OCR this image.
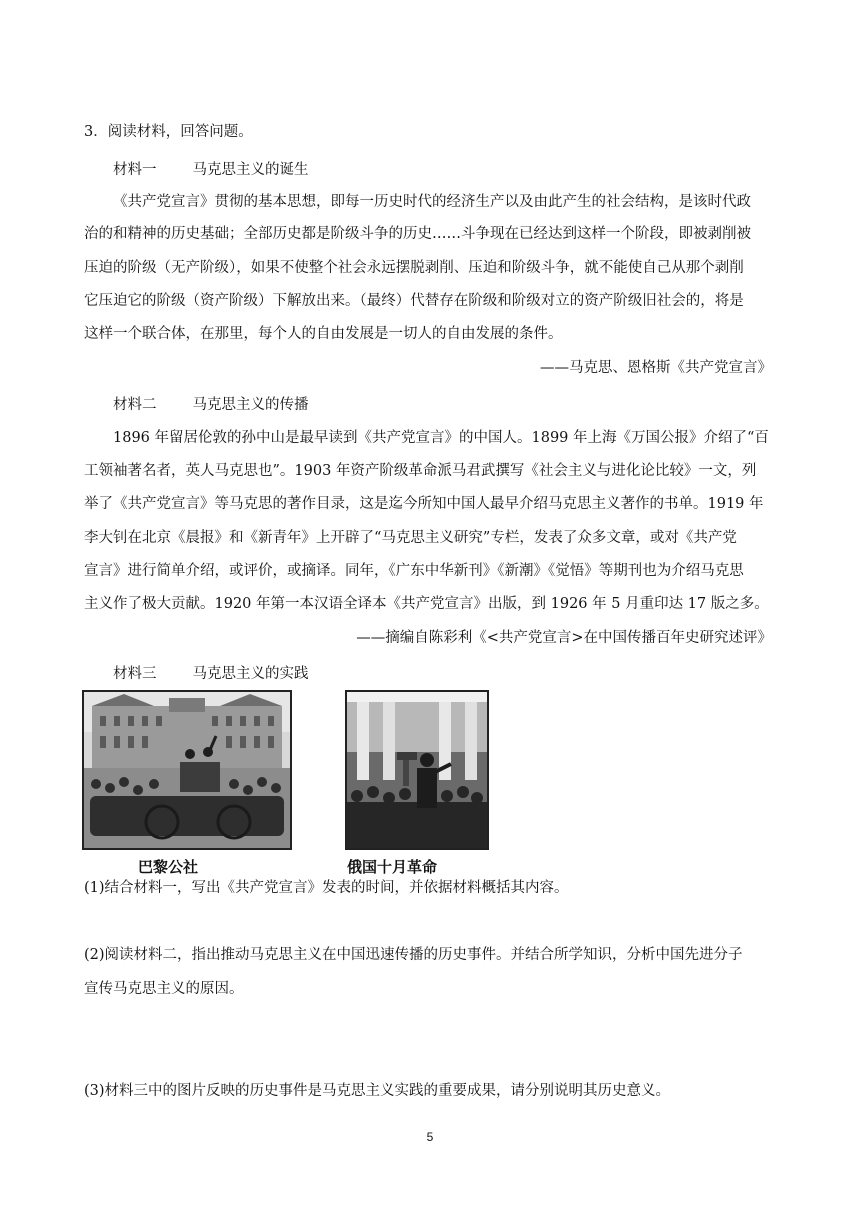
3．阅读材料，回答问题。
材料一 马克思主义的诞生
《共产党宣言》贯彻的基本思想，即每一历史时代的经济生产以及由此产生的社会结构，是该时代政
治的和精神的历史基础；全部历史都是阶级斗争的历史……斗争现在已经达到这样一个阶段，即被剥削被
压迫的阶级（无产阶级），如果不使整个社会永远摆脱剥削、压迫和阶级斗争，就不能使自己从那个剥削
它压迫它的阶级（资产阶级）下解放出来。（最终）代替存在阶级和阶级对立的资产阶级旧社会的，将是
这样一个联合体，在那里，每个人的自由发展是一切人的自由发展的条件。
——马克思、恩格斯《共产党宣言》
材料二 马克思主义的传播
1896 年留居伦敦的孙中山是最早读到《共产党宣言》的中国人。1899 年上海《万国公报》介绍了“百
工领袖著名者，英人马克思也”。1903 年资产阶级革命派马君武撰写《社会主义与进化论比较》一文，列
举了《共产党宣言》等马克思的著作目录，这是迄今所知中国人最早介绍马克思主义著作的书单。1919 年
李大钊在北京《晨报》和《新青年》上开辟了“马克思主义研究”专栏，发表了众多文章，或对《共产党
宣言》进行简单介绍，或评价，或摘译。同年，《广东中华新刊》《新潮》《觉悟》等期刊也为介绍马克思
主义作了极大贡献。1920 年第一本汉语全译本《共产党宣言》出版，到 1926 年 5 月重印达 17 版之多。
——摘编自陈彩利《<共产党宣言>在中国传播百年史研究述评》
材料三 马克思主义的实践
巴黎公社	俄国十月革命
(1)结合材料一，写出《共产党宣言》发表的时间，并依据材料概括其内容。
(2)阅读材料二，指出推动马克思主义在中国迅速传播的历史事件。并结合所学知识，分析中国先进分子
宣传马克思主义的原因。
(3)材料三中的图片反映的历史事件是马克思主义实践的重要成果，请分别说明其历史意义。
5
